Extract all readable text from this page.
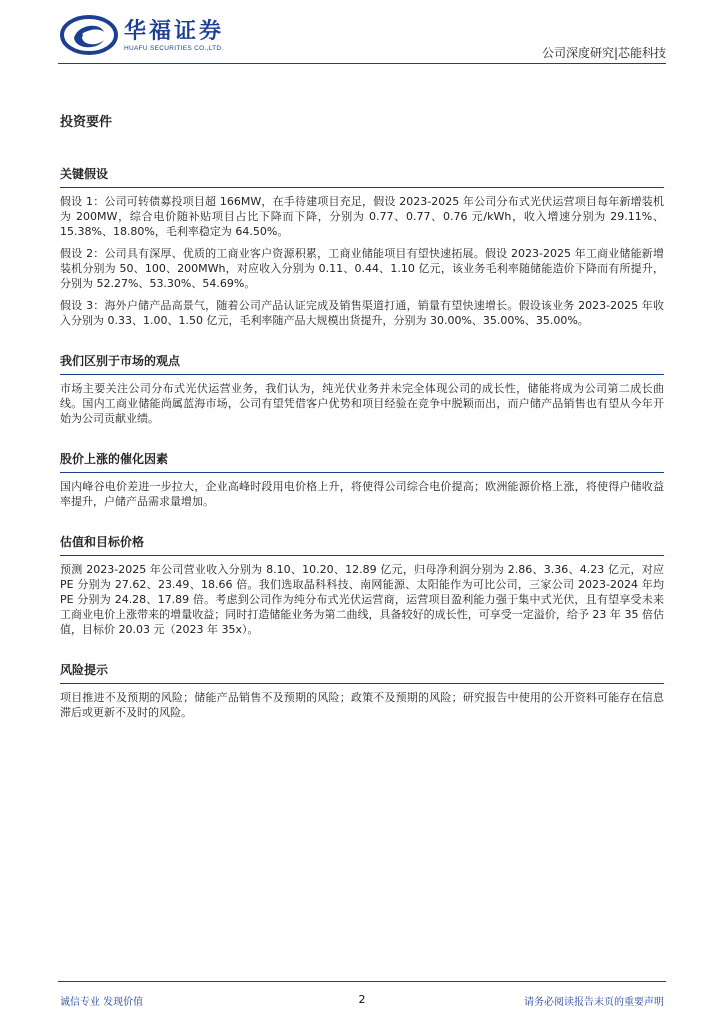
华福证券
HUAFU SECURITIES CO.,LTD.	公司深度研究|芯能科技
投资要件
关键假设

假设 1：公司可转债募投项目超 166MW，在手待建项目充足，假设 2023-2025 年公司分布式光伏运营项目每年新增装机为 200MW，综合电价随补贴项目占比下降而下降，分别为 0.77、0.77、0.76 元/kWh，收入增速分别为 29.11%、15.38%、18.80%，毛利率稳定为 64.50%。

假设 2：公司具有深厚、优质的工商业客户资源积累，工商业储能项目有望快速拓展。假设 2023-2025 年工商业储能新增装机分别为 50、100、200MWh，对应收入分别为 0.11、0.44、1.10 亿元，该业务毛利率随储能造价下降而有所提升，分别为 52.27%、53.30%、54.69%。

假设 3：海外户储产品高景气，随着公司产品认证完成及销售渠道打通，销量有望快速增长。假设该业务 2023-2025 年收入分别为 0.33、1.00、1.50 亿元，毛利率随产品大规模出货提升，分别为 30.00%、35.00%、35.00%。

我们区别于市场的观点

市场主要关注公司分布式光伏运营业务，我们认为，纯光伏业务并未完全体现公司的成长性，储能将成为公司第二成长曲线。国内工商业储能尚属蓝海市场，公司有望凭借客户优势和项目经验在竞争中脱颖而出，而户储产品销售也有望从今年开始为公司贡献业绩。

股价上涨的催化因素

国内峰谷电价差进一步拉大，企业高峰时段用电价格上升，将使得公司综合电价提高；欧洲能源价格上涨，将使得户储收益率提升，户储产品需求量增加。

估值和目标价格

预测 2023-2025 年公司营业收入分别为 8.10、10.20、12.89 亿元，归母净利润分别为 2.86、3.36、4.23 亿元，对应 PE 分别为 27.62、23.49、18.66 倍。我们选取晶科科技、南网能源、太阳能作为可比公司，三家公司 2023-2024 年均 PE 分别为 24.28、17.89 倍。考虑到公司作为纯分布式光伏运营商，运营项目盈利能力强于集中式光伏，且有望享受未来工商业电价上涨带来的增量收益；同时打造储能业务为第二曲线，具备较好的成长性，可享受一定溢价，给予 23 年 35 倍估值，目标价 20.03 元（2023 年 35x）。

风险提示

项目推进不及预期的风险；储能产品销售不及预期的风险；政策不及预期的风险；研究报告中使用的公开资料可能存在信息滞后或更新不及时的风险。

诚信专业 发现价值	2	请务必阅读报告末页的重要声明
